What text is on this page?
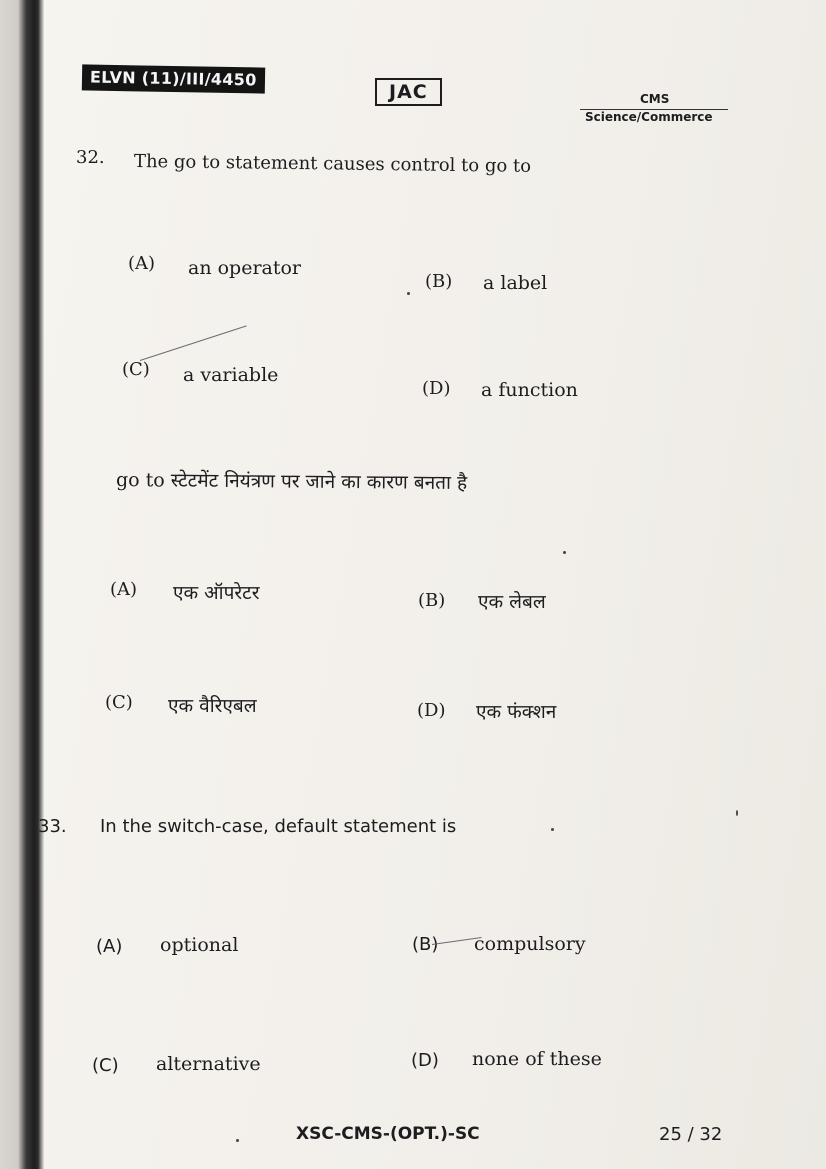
ELVN (11)/III/4450
JAC	CMS
Science/Commerce
32. The go to statement causes control to go to
(A) an operator
(B) a label
(C) a variable
(D) a function
go to स्टेटमेंट नियंत्रण पर जाने का कारण बनता है
(A) एक ऑपरेटर	(B) एक लेबल
(C) एक वैरिएबल	(D) एक फंक्शन
33. In the switch-case, default statement is
(A) optional	(B) compulsory
(C) alternative	(D) none of these
XSC-CMS-(OPT.)-SC	25 / 32
